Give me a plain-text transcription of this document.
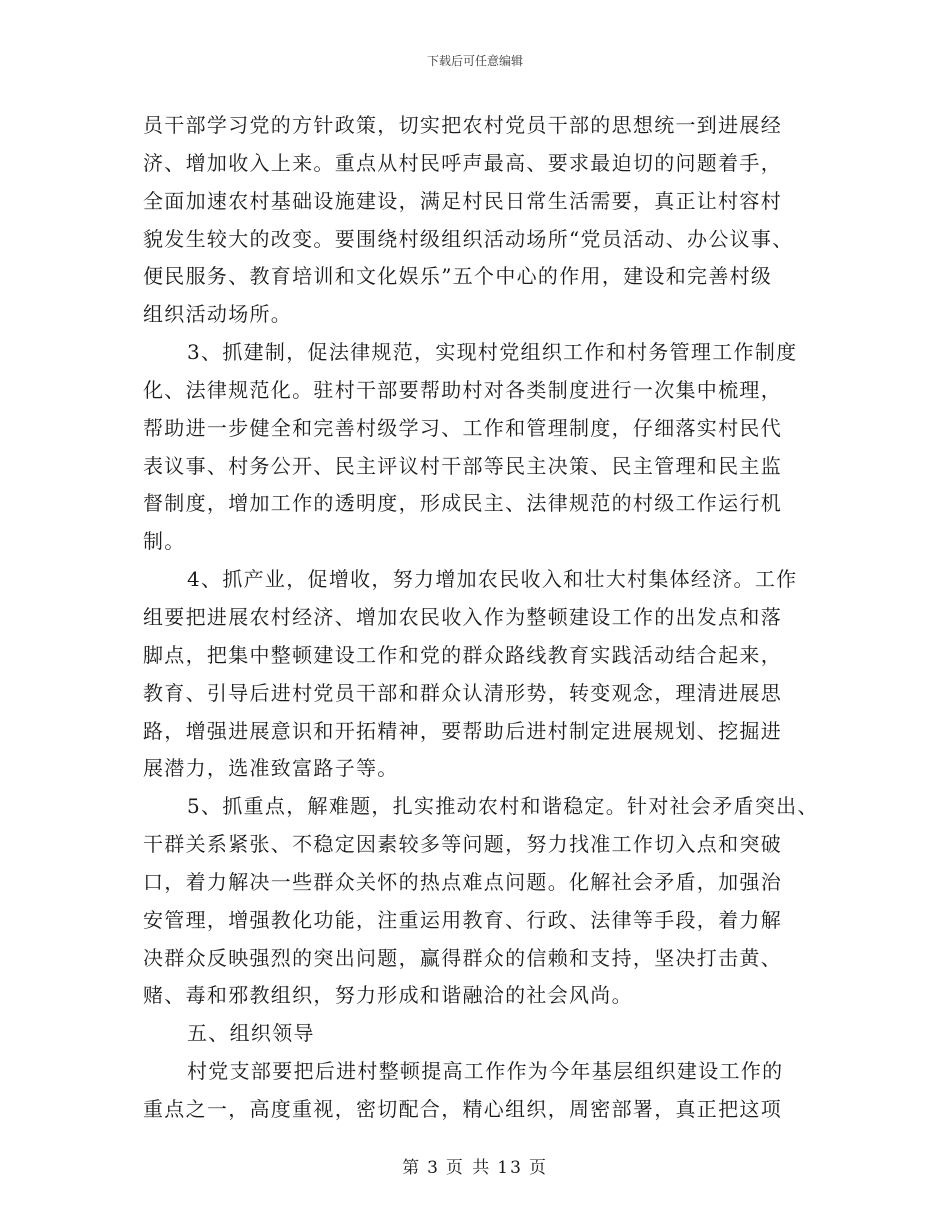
下载后可任意编辑
员干部学习党的方针政策，切实把农村党员干部的思想统一到进展经
济、增加收入上来。重点从村民呼声最高、要求最迫切的问题着手，
全面加速农村基础设施建设，满足村民日常生活需要，真正让村容村
貌发生较大的改变。要围绕村级组织活动场所“党员活动、办公议事、
便民服务、教育培训和文化娱乐”五个中心的作用，建设和完善村级
组织活动场所。
3、抓建制，促法律规范，实现村党组织工作和村务管理工作制度
化、法律规范化。驻村干部要帮助村对各类制度进行一次集中梳理，
帮助进一步健全和完善村级学习、工作和管理制度，仔细落实村民代
表议事、村务公开、民主评议村干部等民主决策、民主管理和民主监
督制度，增加工作的透明度，形成民主、法律规范的村级工作运行机
制。
4、抓产业，促增收，努力增加农民收入和壮大村集体经济。工作
组要把进展农村经济、增加农民收入作为整顿建设工作的出发点和落
脚点，把集中整顿建设工作和党的群众路线教育实践活动结合起来，
教育、引导后进村党员干部和群众认清形势，转变观念，理清进展思
路，增强进展意识和开拓精神，要帮助后进村制定进展规划、挖掘进
展潜力，选准致富路子等。
5、抓重点，解难题，扎实推动农村和谐稳定。针对社会矛盾突出、
干群关系紧张、不稳定因素较多等问题，努力找准工作切入点和突破
口，着力解决一些群众关怀的热点难点问题。化解社会矛盾，加强治
安管理，增强教化功能，注重运用教育、行政、法律等手段，着力解
决群众反映强烈的突出问题，赢得群众的信赖和支持，坚决打击黄、
赌、毒和邪教组织，努力形成和谐融洽的社会风尚。
五、组织领导
村党支部要把后进村整顿提高工作作为今年基层组织建设工作的
重点之一，高度重视，密切配合，精心组织，周密部署，真正把这项
第 3 页 共 13 页
